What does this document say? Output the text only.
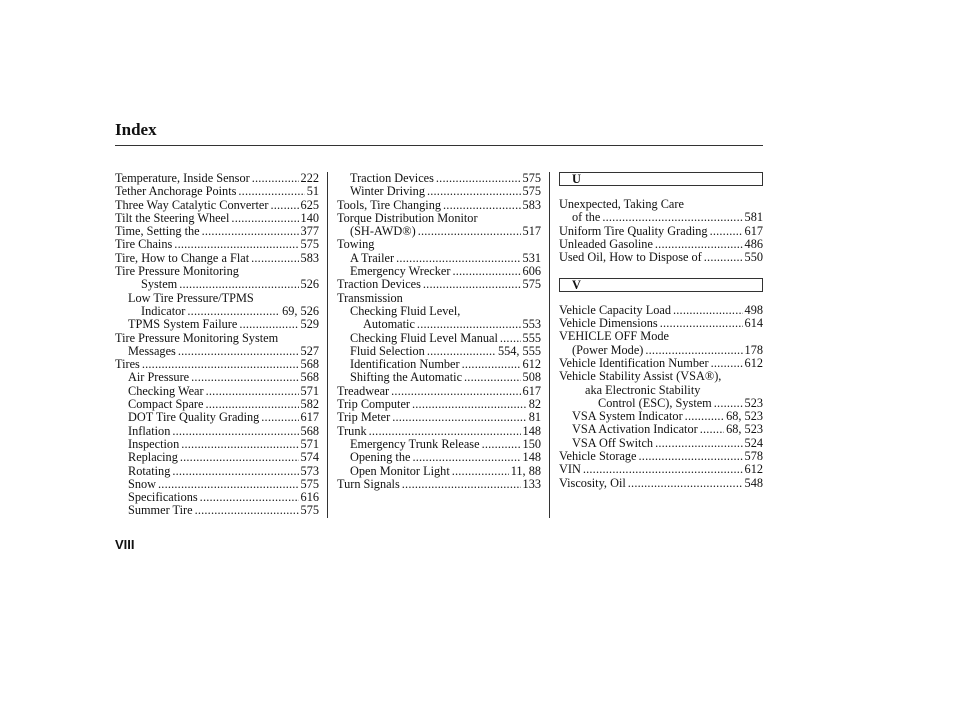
Index
Temperature, Inside Sensor .....	222
Tether Anchorage Points .....	51
Three Way Catalytic Converter .....	625
Tilt the Steering Wheel .....	140
Time, Setting the .....	377
Tire Chains .....	575
Tire, How to Change a Flat .....	583
Tire Pressure Monitoring
System .....	526
Low Tire Pressure/TPMS
Indicator .....	69, 526
TPMS System Failure .....	529
Tire Pressure Monitoring System
Messages .....	527
Tires .....	568
Air Pressure .....	568
Checking Wear .....	571
Compact Spare .....	582
DOT Tire Quality Grading .....	617
Inflation .....	568
Inspection .....	571
Replacing .....	574
Rotating .....	573
Snow .....	575
Specifications .....	616
Summer Tire .....	575
Traction Devices .....	575
Winter Driving .....	575
Tools, Tire Changing .....	583
Torque Distribution Monitor
(SH-AWD®) .....	517
Towing
A Trailer .....	531
Emergency Wrecker .....	606
Traction Devices .....	575
Transmission
Checking Fluid Level,
Automatic .....	553
Checking Fluid Level Manual ..... 555
Fluid Selection .....	554, 555
Identification Number .....	612
Shifting the Automatic .....	508
Treadwear .....	617
Trip Computer .....	82
Trip Meter .....	81
Trunk .....	148
Emergency Trunk Release .....	150
Opening the .....	148
Open Monitor Light .....	11, 88
Turn Signals .....	133
U
Unexpected, Taking Care
of the .....	581
Uniform Tire Quality Grading .....	617
Unleaded Gasoline .....	486
Used Oil, How to Dispose of .....	550
V
Vehicle Capacity Load .....	498
Vehicle Dimensions .....	614
VEHICLE OFF Mode
(Power Mode) .....	178
Vehicle Identification Number .....	612
Vehicle Stability Assist (VSA®),
aka Electronic Stability
Control (ESC), System .....	523
VSA System Indicator .....	68, 523
VSA Activation Indicator ..... 68, 523
VSA Off Switch .....	524
Vehicle Storage .....	578
VIN .....	612
Viscosity, Oil .....	548
VIII
